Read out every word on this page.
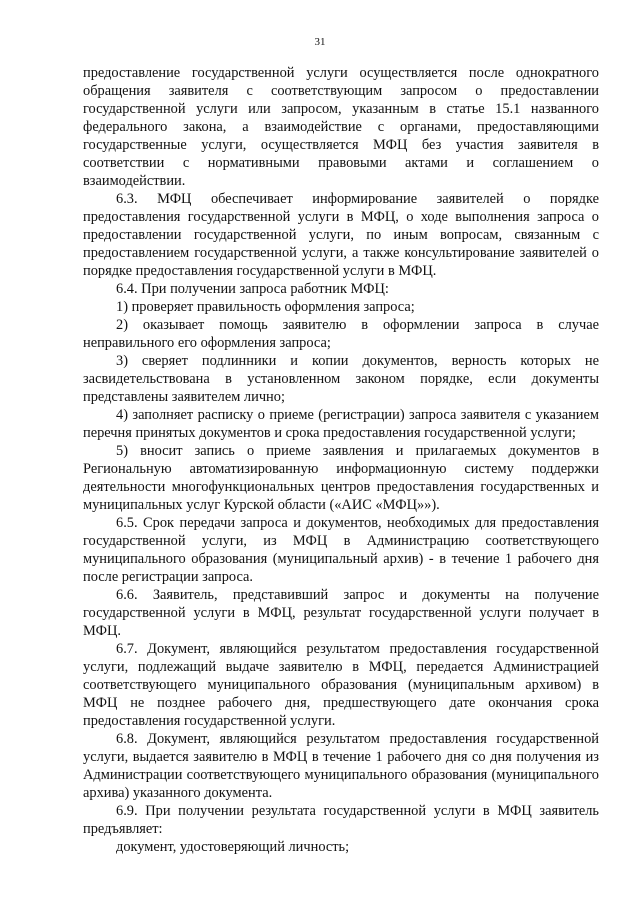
31

предоставление государственной услуги осуществляется после однократного обращения заявителя с соответствующим запросом о предоставлении государственной услуги или запросом, указанным в статье 15.1 названного федерального закона, а взаимодействие с органами, предоставляющими государственные услуги, осуществляется МФЦ без участия заявителя в соответствии с нормативными правовыми актами и соглашением о взаимодействии.

6.3. МФЦ обеспечивает информирование заявителей о порядке предоставления государственной услуги в МФЦ, о ходе выполнения запроса о предоставлении государственной услуги, по иным вопросам, связанным с предоставлением государственной услуги, а также консультирование заявителей о порядке предоставления государственной услуги в МФЦ.

6.4. При получении запроса работник МФЦ:

1) проверяет правильность оформления запроса;

2) оказывает помощь заявителю в оформлении запроса в случае неправильного его оформления запроса;

3) сверяет подлинники и копии документов, верность которых не засвидетельствована в установленном законом порядке, если документы представлены заявителем лично;

4) заполняет расписку о приеме (регистрации) запроса заявителя с указанием перечня принятых документов и срока предоставления государственной услуги;

5) вносит запись о приеме заявления и прилагаемых документов в Региональную автоматизированную информационную систему поддержки деятельности многофункциональных центров предоставления государственных и муниципальных услуг Курской области («АИС «МФЦ»»).

6.5. Срок передачи запроса и документов, необходимых для предоставления государственной услуги, из МФЦ в Администрацию соответствующего муниципального образования (муниципальный архив) - в течение 1 рабочего дня после регистрации запроса.

6.6. Заявитель, представивший запрос и документы на получение государственной услуги в МФЦ, результат государственной услуги получает в МФЦ.

6.7. Документ, являющийся результатом предоставления государственной услуги, подлежащий выдаче заявителю в МФЦ, передается Администрацией соответствующего муниципального образования (муниципальным архивом) в МФЦ не позднее рабочего дня, предшествующего дате окончания срока предоставления государственной услуги.

6.8. Документ, являющийся результатом предоставления государственной услуги, выдается заявителю в МФЦ в течение 1 рабочего дня со дня получения из Администрации соответствующего муниципального образования (муниципального архива) указанного документа.

6.9. При получении результата государственной услуги в МФЦ заявитель предъявляет:

документ, удостоверяющий личность;
